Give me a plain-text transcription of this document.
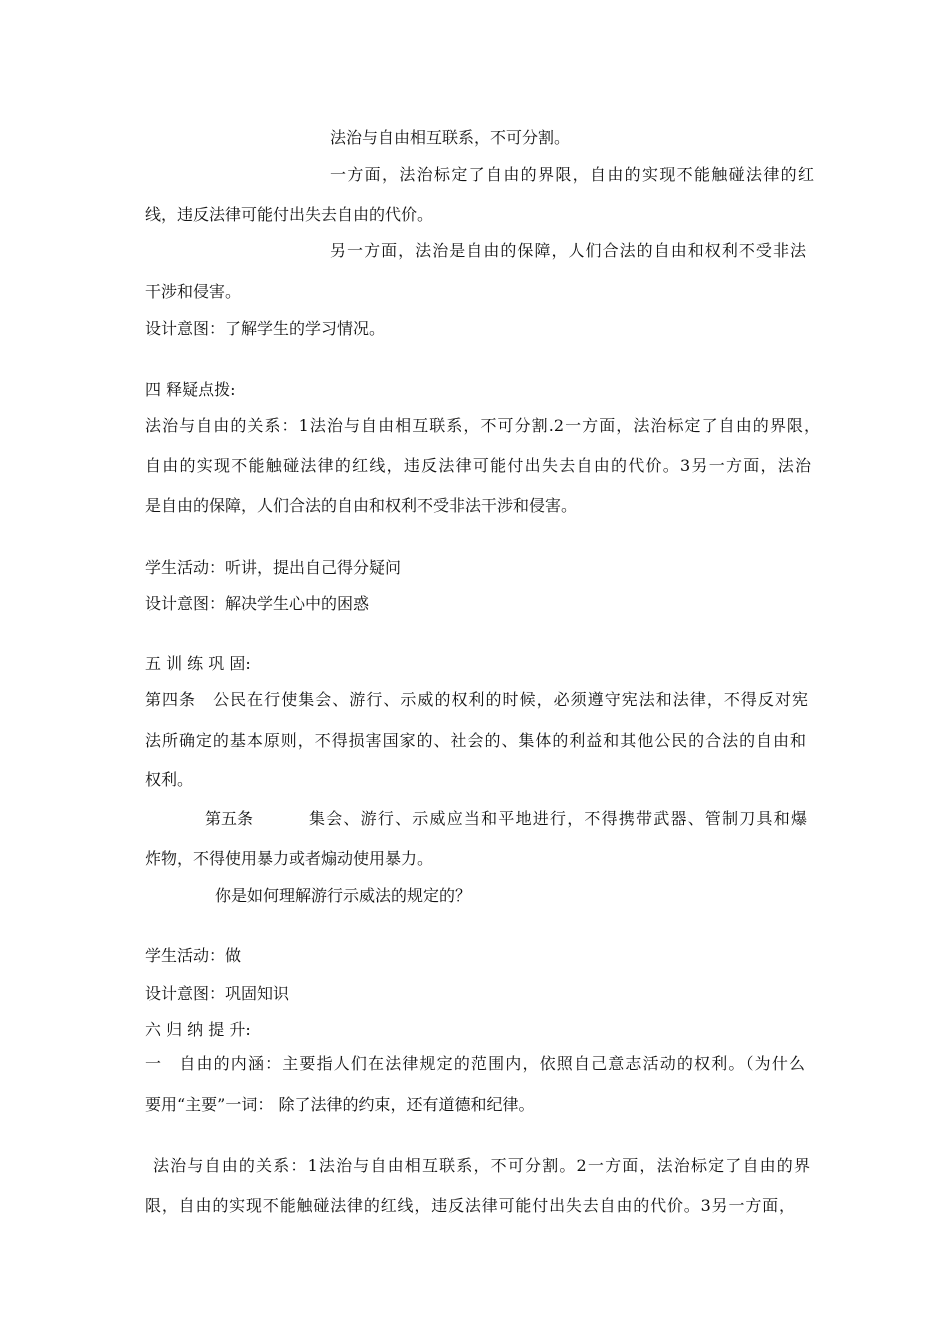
法治与自由相互联系，不可分割。

一方面，法治标定了自由的界限，自由的实现不能触碰法律的红

线，违反法律可能付出失去自由的代价。

另一方面，法治是自由的保障，人们合法的自由和权利不受非法

干涉和侵害。

设计意图：了解学生的学习情况。

四 释疑点拨:

法治与自由的关系：1法治与自由相互联系，不可分割.2一方面，法治标定了自由的界限，

自由的实现不能触碰法律的红线，违反法律可能付出失去自由的代价。3另一方面，法治

是自由的保障，人们合法的自由和权利不受非法干涉和侵害。

学生活动：听讲，提出自己得分疑问

设计意图：解决学生心中的困惑

五 训 练 巩 固:

第四条　公民在行使集会、游行、示威的权利的时候，必须遵守宪法和法律，不得反对宪

法所确定的基本原则，不得损害国家的、社会的、集体的利益和其他公民的合法的自由和

权利。

第五条	集会、游行、示威应当和平地进行，不得携带武器、管制刀具和爆

炸物，不得使用暴力或者煽动使用暴力。

你是如何理解游行示威法的规定的？

学生活动：做

设计意图：巩固知识

六 归 纳 提 升:

一　自由的内涵：主要指人们在法律规定的范围内，依照自己意志活动的权利。（为什么

要用“主要”一词： 除了法律的约束，还有道德和纪律。

法治与自由的关系：1法治与自由相互联系，不可分割。2一方面，法治标定了自由的界

限，自由的实现不能触碰法律的红线，违反法律可能付出失去自由的代价。3另一方面，
